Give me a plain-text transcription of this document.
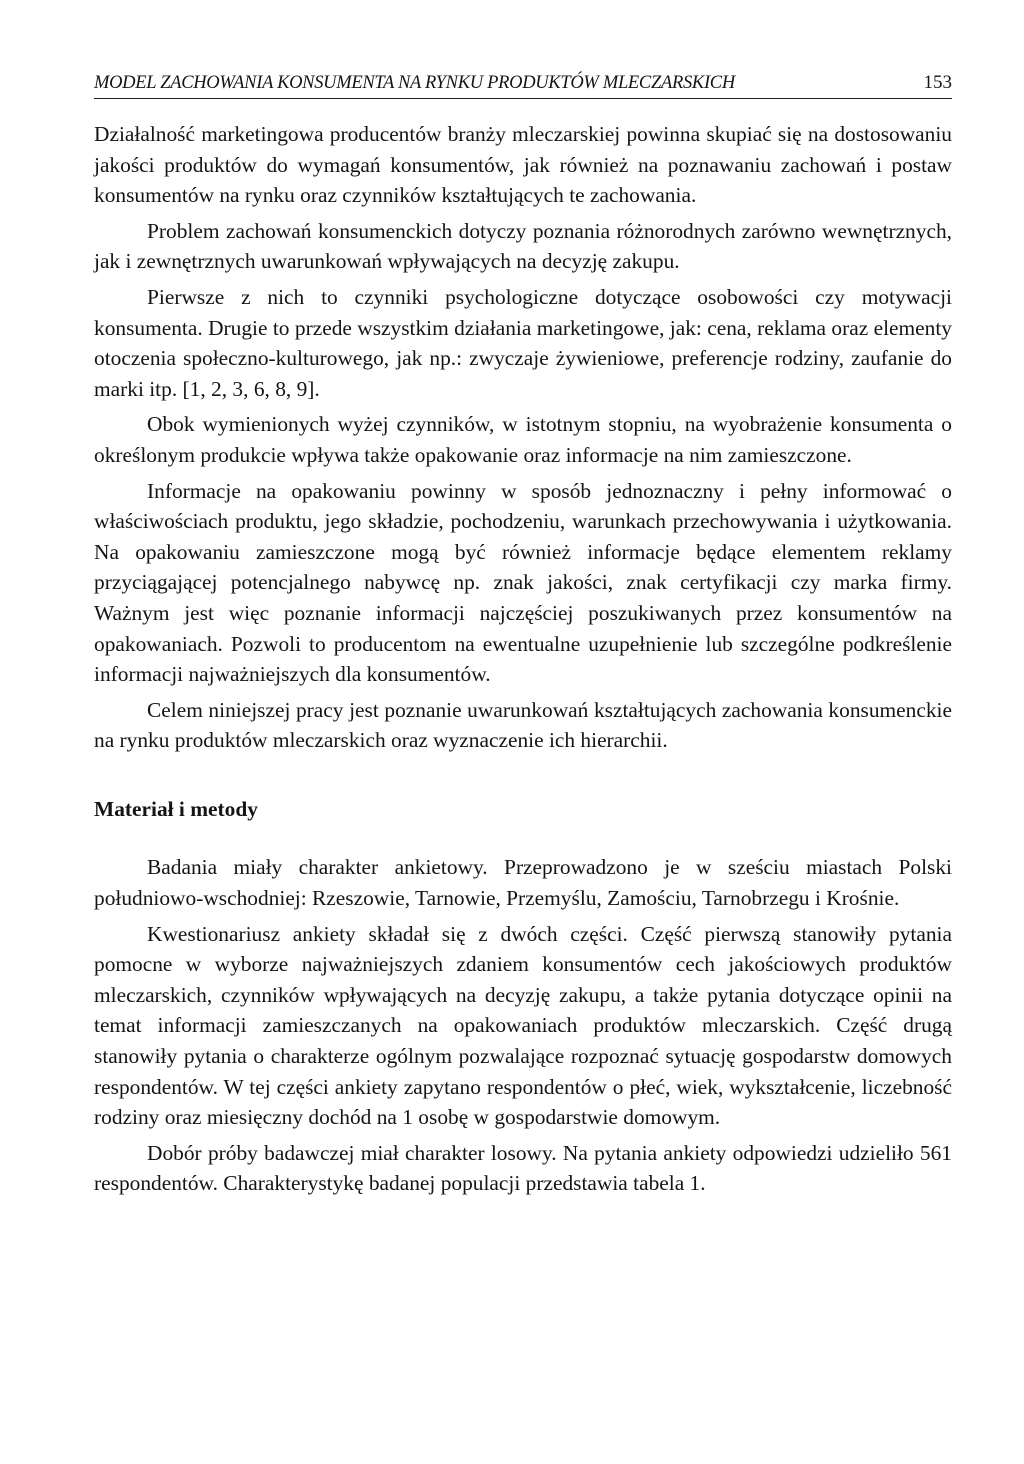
MODEL ZACHOWANIA KONSUMENTA NA RYNKU PRODUKTÓW MLECZARSKICH	153

Działalność marketingowa producentów branży mleczarskiej powinna skupiać się na dostosowaniu jakości produktów do wymagań konsumentów, jak również na poznawaniu zachowań i postaw konsumentów na rynku oraz czynników kształtujących te zachowania.

Problem zachowań konsumenckich dotyczy poznania różnorodnych zarówno wewnętrznych, jak i zewnętrznych uwarunkowań wpływających na decyzję zakupu.

Pierwsze z nich to czynniki psychologiczne dotyczące osobowości czy motywacji konsumenta. Drugie to przede wszystkim działania marketingowe, jak: cena, reklama oraz elementy otoczenia społeczno-kulturowego, jak np.: zwyczaje żywieniowe, preferencje rodziny, zaufanie do marki itp. [1, 2, 3, 6, 8, 9].

Obok wymienionych wyżej czynników, w istotnym stopniu, na wyobrażenie konsumenta o określonym produkcie wpływa także opakowanie oraz informacje na nim zamieszczone.

Informacje na opakowaniu powinny w sposób jednoznaczny i pełny informować o właściwościach produktu, jego składzie, pochodzeniu, warunkach przechowywania i użytkowania. Na opakowaniu zamieszczone mogą być również informacje będące elementem reklamy przyciągającej potencjalnego nabywcę np. znak jakości, znak certyfikacji czy marka firmy. Ważnym jest więc poznanie informacji najczęściej poszukiwanych przez konsumentów na opakowaniach. Pozwoli to producentom na ewentualne uzupełnienie lub szczególne podkreślenie informacji najważniejszych dla konsumentów.

Celem niniejszej pracy jest poznanie uwarunkowań kształtujących zachowania konsumenckie na rynku produktów mleczarskich oraz wyznaczenie ich hierarchii.

Materiał i metody

Badania miały charakter ankietowy. Przeprowadzono je w sześciu miastach Polski południowo-wschodniej: Rzeszowie, Tarnowie, Przemyślu, Zamościu, Tarnobrzegu i Krośnie.

Kwestionariusz ankiety składał się z dwóch części. Część pierwszą stanowiły pytania pomocne w wyborze najważniejszych zdaniem konsumentów cech jakościowych produktów mleczarskich, czynników wpływających na decyzję zakupu, a także pytania dotyczące opinii na temat informacji zamieszczanych na opakowaniach produktów mleczarskich. Część drugą stanowiły pytania o charakterze ogólnym pozwalające rozpoznać sytuację gospodarstw domowych respondentów. W tej części ankiety zapytano respondentów o płeć, wiek, wykształcenie, liczebność rodziny oraz miesięczny dochód na 1 osobę w gospodarstwie domowym.

Dobór próby badawczej miał charakter losowy. Na pytania ankiety odpowiedzi udzieliło 561 respondentów. Charakterystykę badanej populacji przedstawia tabela 1.
